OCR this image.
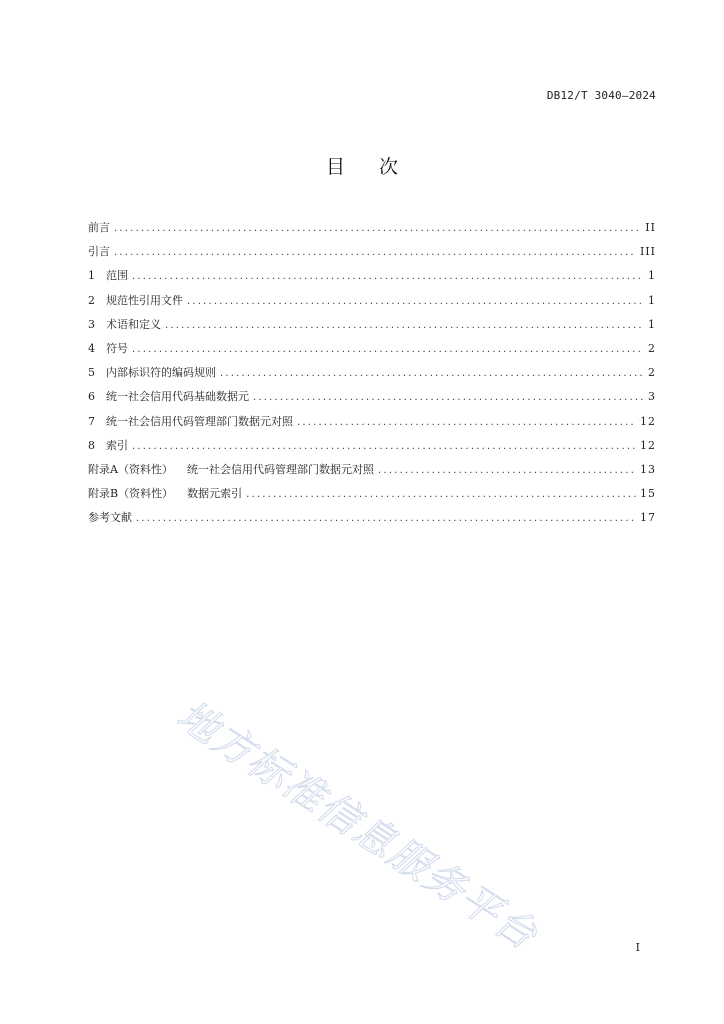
DB12/T 3040—2024
目次
前言 .....	II
引言 .....	III
1	范围 .....	1
2	规范性引用文件 .....	1
3	术语和定义 .....	1
4	符号 .....	2
5	内部标识符的编码规则 .....	2
6	统一社会信用代码基础数据元 .....	3
7	统一社会信用代码管理部门数据元对照 .....	12
8	索引 .....	12
附录A（资料性） 统一社会信用代码管理部门数据元对照 .....	13
附录B（资料性） 数据元索引 .....	15
参考文献 .....	17
地方标准信息服务平台	I
